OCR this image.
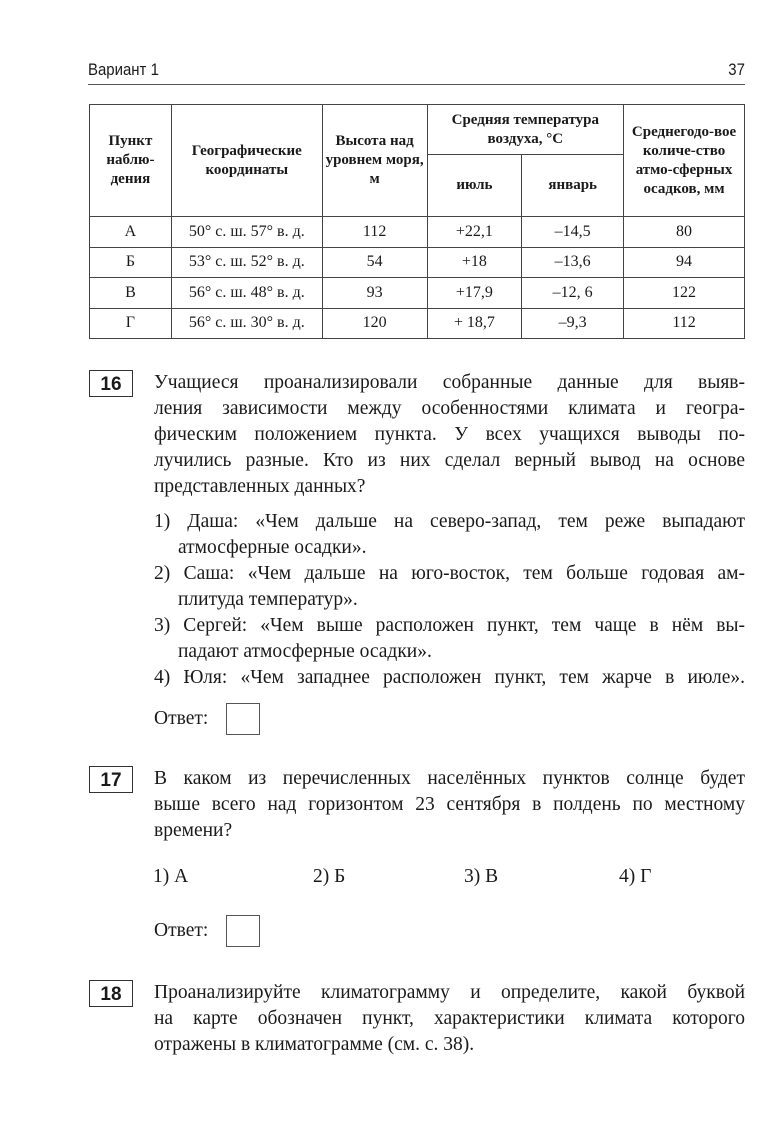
Вариант 1	37
Пункт наблю-дения	Географические координаты	Высота над уровнем моря, м	Средняя температура воздуха, °С		Среднегодо-вое количе-ство атмо-сферных осадков, мм
			июль	январь	
А	50° с. ш. 57° в. д.	112	+22,1	–14,5	80
Б	53° с. ш. 52° в. д.	54	+18	–13,6	94
В	56° с. ш. 48° в. д.	93	+17,9	–12, 6	122
Г	56° с. ш. 30° в. д.	120	+ 18,7	–9,3	112
16	Учащиеся проанализировали собранные данные для выяв-
ления зависимости между особенностями климата и геогра-
фическим положением пункта. У всех учащихся выводы по-
лучились разные. Кто из них сделал верный вывод на основе
представленных данных?
1) Даша: «Чем дальше на северо-запад, тем реже выпадают
атмосферные осадки».
2) Саша: «Чем дальше на юго-восток, тем больше годовая ам-
плитуда температур».
3) Сергей: «Чем выше расположен пункт, тем чаще в нём вы-
падают атмосферные осадки».
4) Юля: «Чем западнее расположен пункт, тем жарче в июле».
Ответ:
17	В каком из перечисленных населённых пунктов солнце будет
выше всего над горизонтом 23 сентября в полдень по местному
времени?
1) А	2) Б	3) В	4) Г
Ответ:
18	Проанализируйте климатограмму и определите, какой буквой
на карте обозначен пункт, характеристики климата которого
отражены в климатограмме (см. с. 38).
